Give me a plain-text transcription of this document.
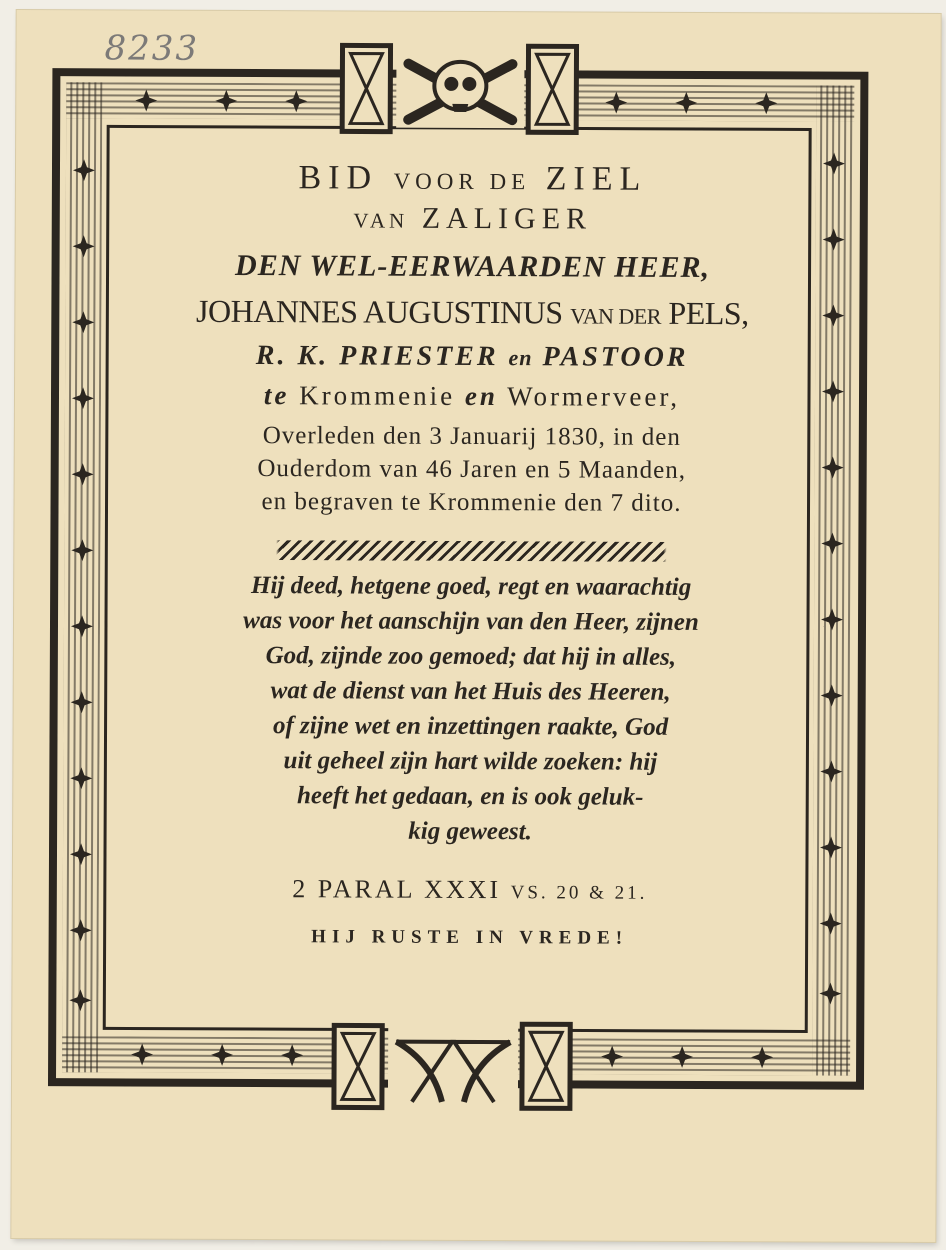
8233
BID VOOR DE ZIEL
VAN ZALIGER
DEN WEL-EERWAARDEN HEER,
JOHANNES AUGUSTINUS VAN DER PELS,
R. K. PRIESTER en PASTOOR
te Krommenie en Wormerveer,
Overleden den 3 Januarij 1830, in den
Ouderdom van 46 Jaren en 5 Maanden,
en begraven te Krommenie den 7 dito.
Hij deed, hetgene goed, regt en waarachtig
was voor het aanschijn van den Heer, zijnen
God, zijnde zoo gemoed; dat hij in alles,
wat de dienst van het Huis des Heeren,
of zijne wet en inzettingen raakte, God
uit geheel zijn hart wilde zoeken: hij
heeft het gedaan, en is ook geluk-
kig geweest.
2 PARAL XXXI VS. 20 & 21.
HIJ RUSTE IN VREDE!
